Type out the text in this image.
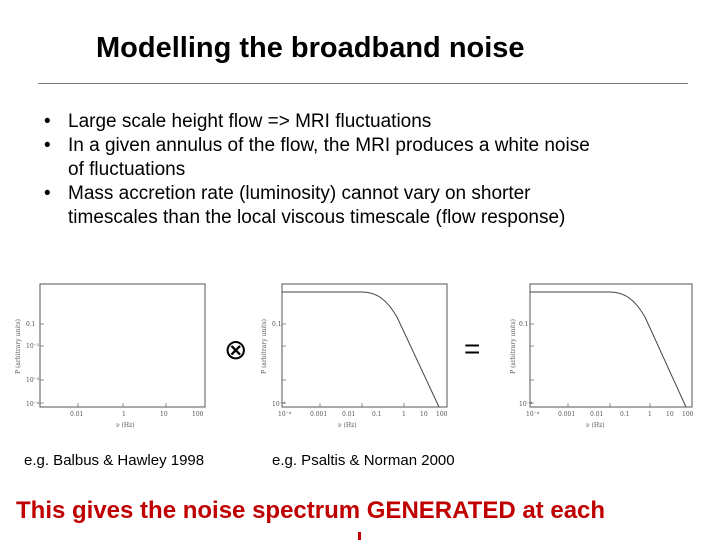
Modelling the broadband noise
• Large scale height flow => MRI fluctuations
• In a given annulus of the flow, the MRI produces a white noise of fluctuations
• Mass accretion rate (luminosity) cannot vary on shorter timescales than the local viscous timescale (flow response)
P (arbitrary units) 0.1
10⁻²
10⁻³
10⁻⁴
0.01	1	10	100
ν (Hz)
⊗ P (arbitrary units) 0.1
10⁻⁴
10⁻⁴	0.001 0.01	0.1	1 10 100
ν (Hz)
=	P (arbitrary units) 0.1
10⁻⁴
10⁻⁴	0.001 0.01	0.1	1 10 100
ν (Hz)
e.g. Balbus & Hawley 1998	e.g. Psaltis & Norman 2000
This gives the noise spectrum GENERATED at each
